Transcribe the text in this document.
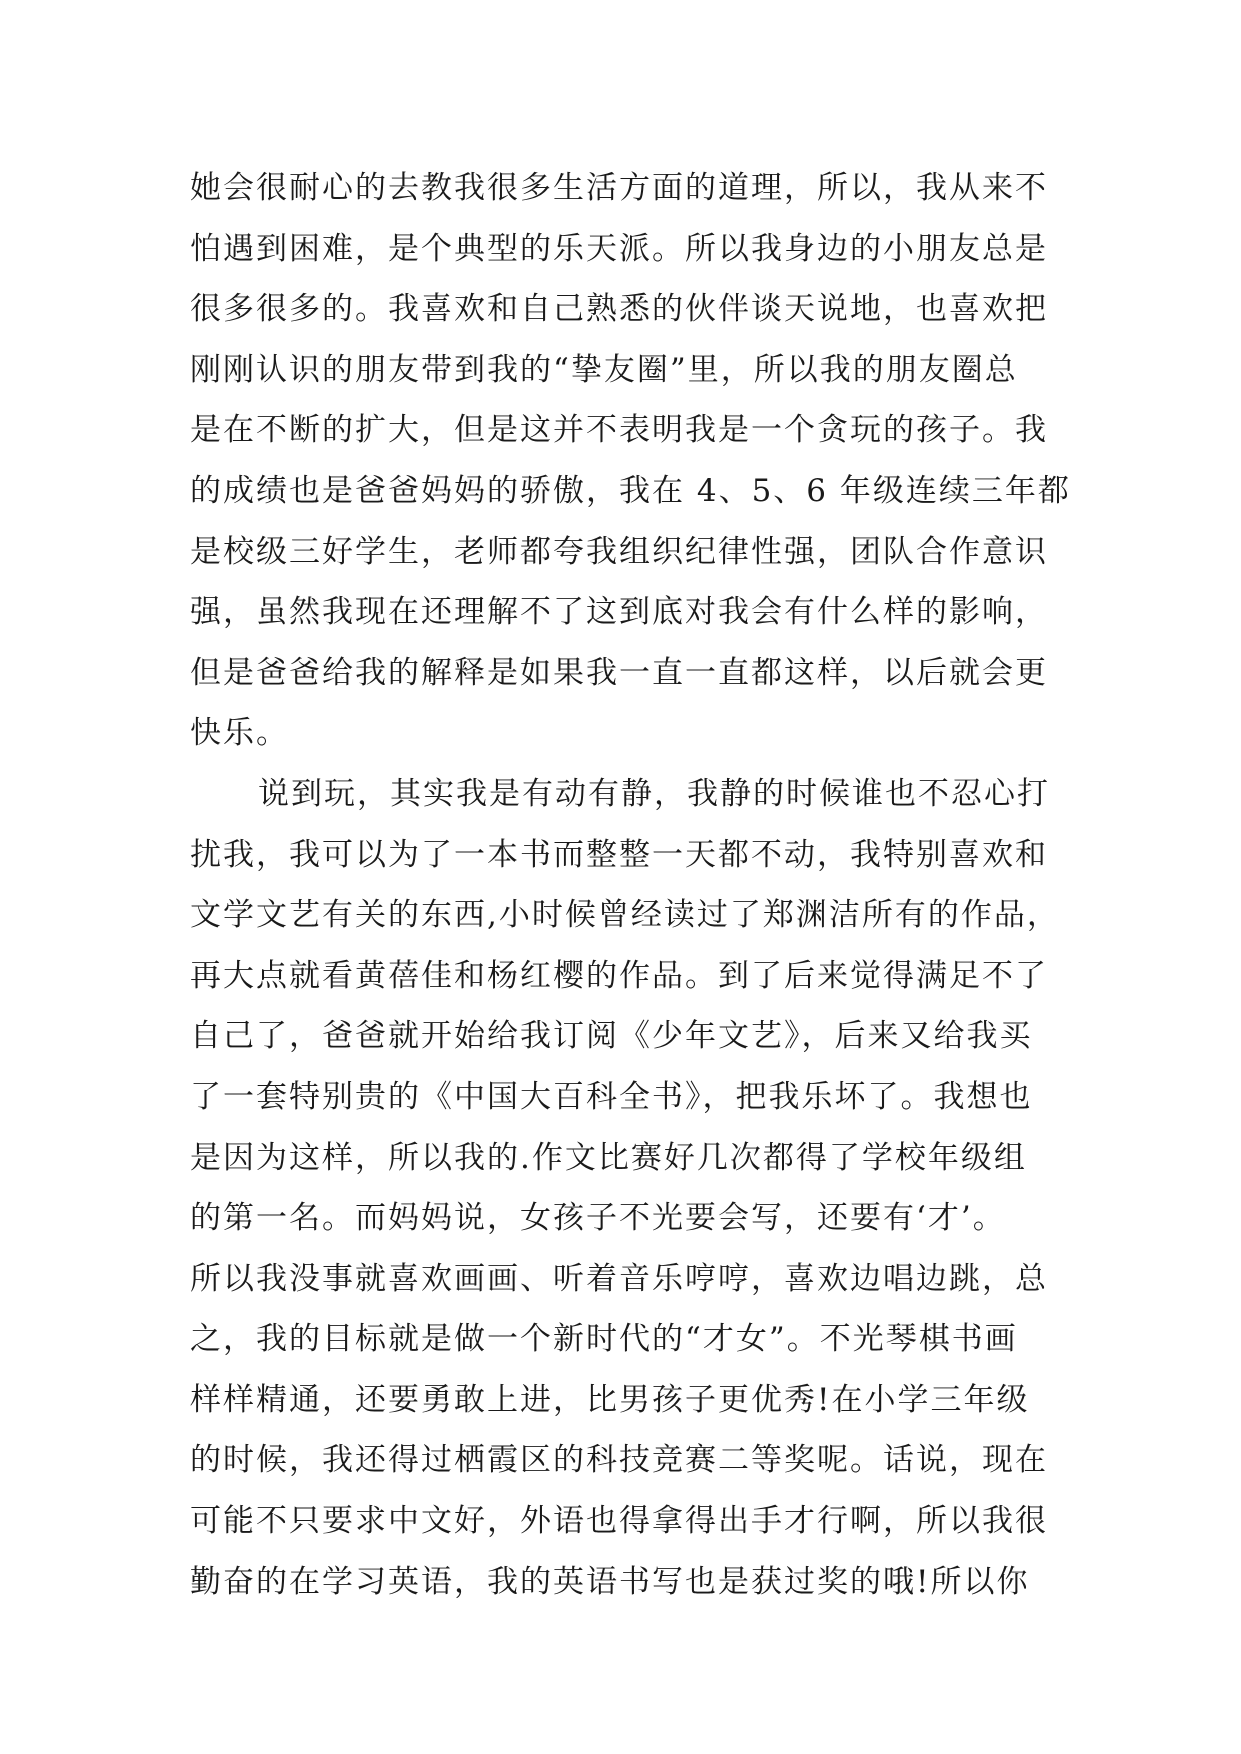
她会很耐心的去教我很多生活方面的道理，所以，我从来不
怕遇到困难，是个典型的乐天派。所以我身边的小朋友总是
很多很多的。我喜欢和自己熟悉的伙伴谈天说地，也喜欢把
刚刚认识的朋友带到我的“挚友圈”里，所以我的朋友圈总
是在不断的扩大，但是这并不表明我是一个贪玩的孩子。我
的成绩也是爸爸妈妈的骄傲，我在 4、5、6 年级连续三年都
是校级三好学生，老师都夸我组织纪律性强，团队合作意识
强，虽然我现在还理解不了这到底对我会有什么样的影响，
但是爸爸给我的解释是如果我一直一直都这样，以后就会更
快乐。
说到玩，其实我是有动有静，我静的时候谁也不忍心打
扰我，我可以为了一本书而整整一天都不动，我特别喜欢和
文学文艺有关的东西,小时候曾经读过了郑渊洁所有的作品，
再大点就看黄蓓佳和杨红樱的作品。到了后来觉得满足不了
自己了，爸爸就开始给我订阅《少年文艺》，后来又给我买
了一套特别贵的《中国大百科全书》，把我乐坏了。我想也
是因为这样，所以我的.作文比赛好几次都得了学校年级组
的第一名。而妈妈说，女孩子不光要会写，还要有‘才’。
所以我没事就喜欢画画、听着音乐哼哼，喜欢边唱边跳，总
之，我的目标就是做一个新时代的“才女”。不光琴棋书画
样样精通，还要勇敢上进，比男孩子更优秀!在小学三年级
的时候，我还得过栖霞区的科技竞赛二等奖呢。话说，现在
可能不只要求中文好，外语也得拿得出手才行啊，所以我很
勤奋的在学习英语，我的英语书写也是获过奖的哦!所以你
